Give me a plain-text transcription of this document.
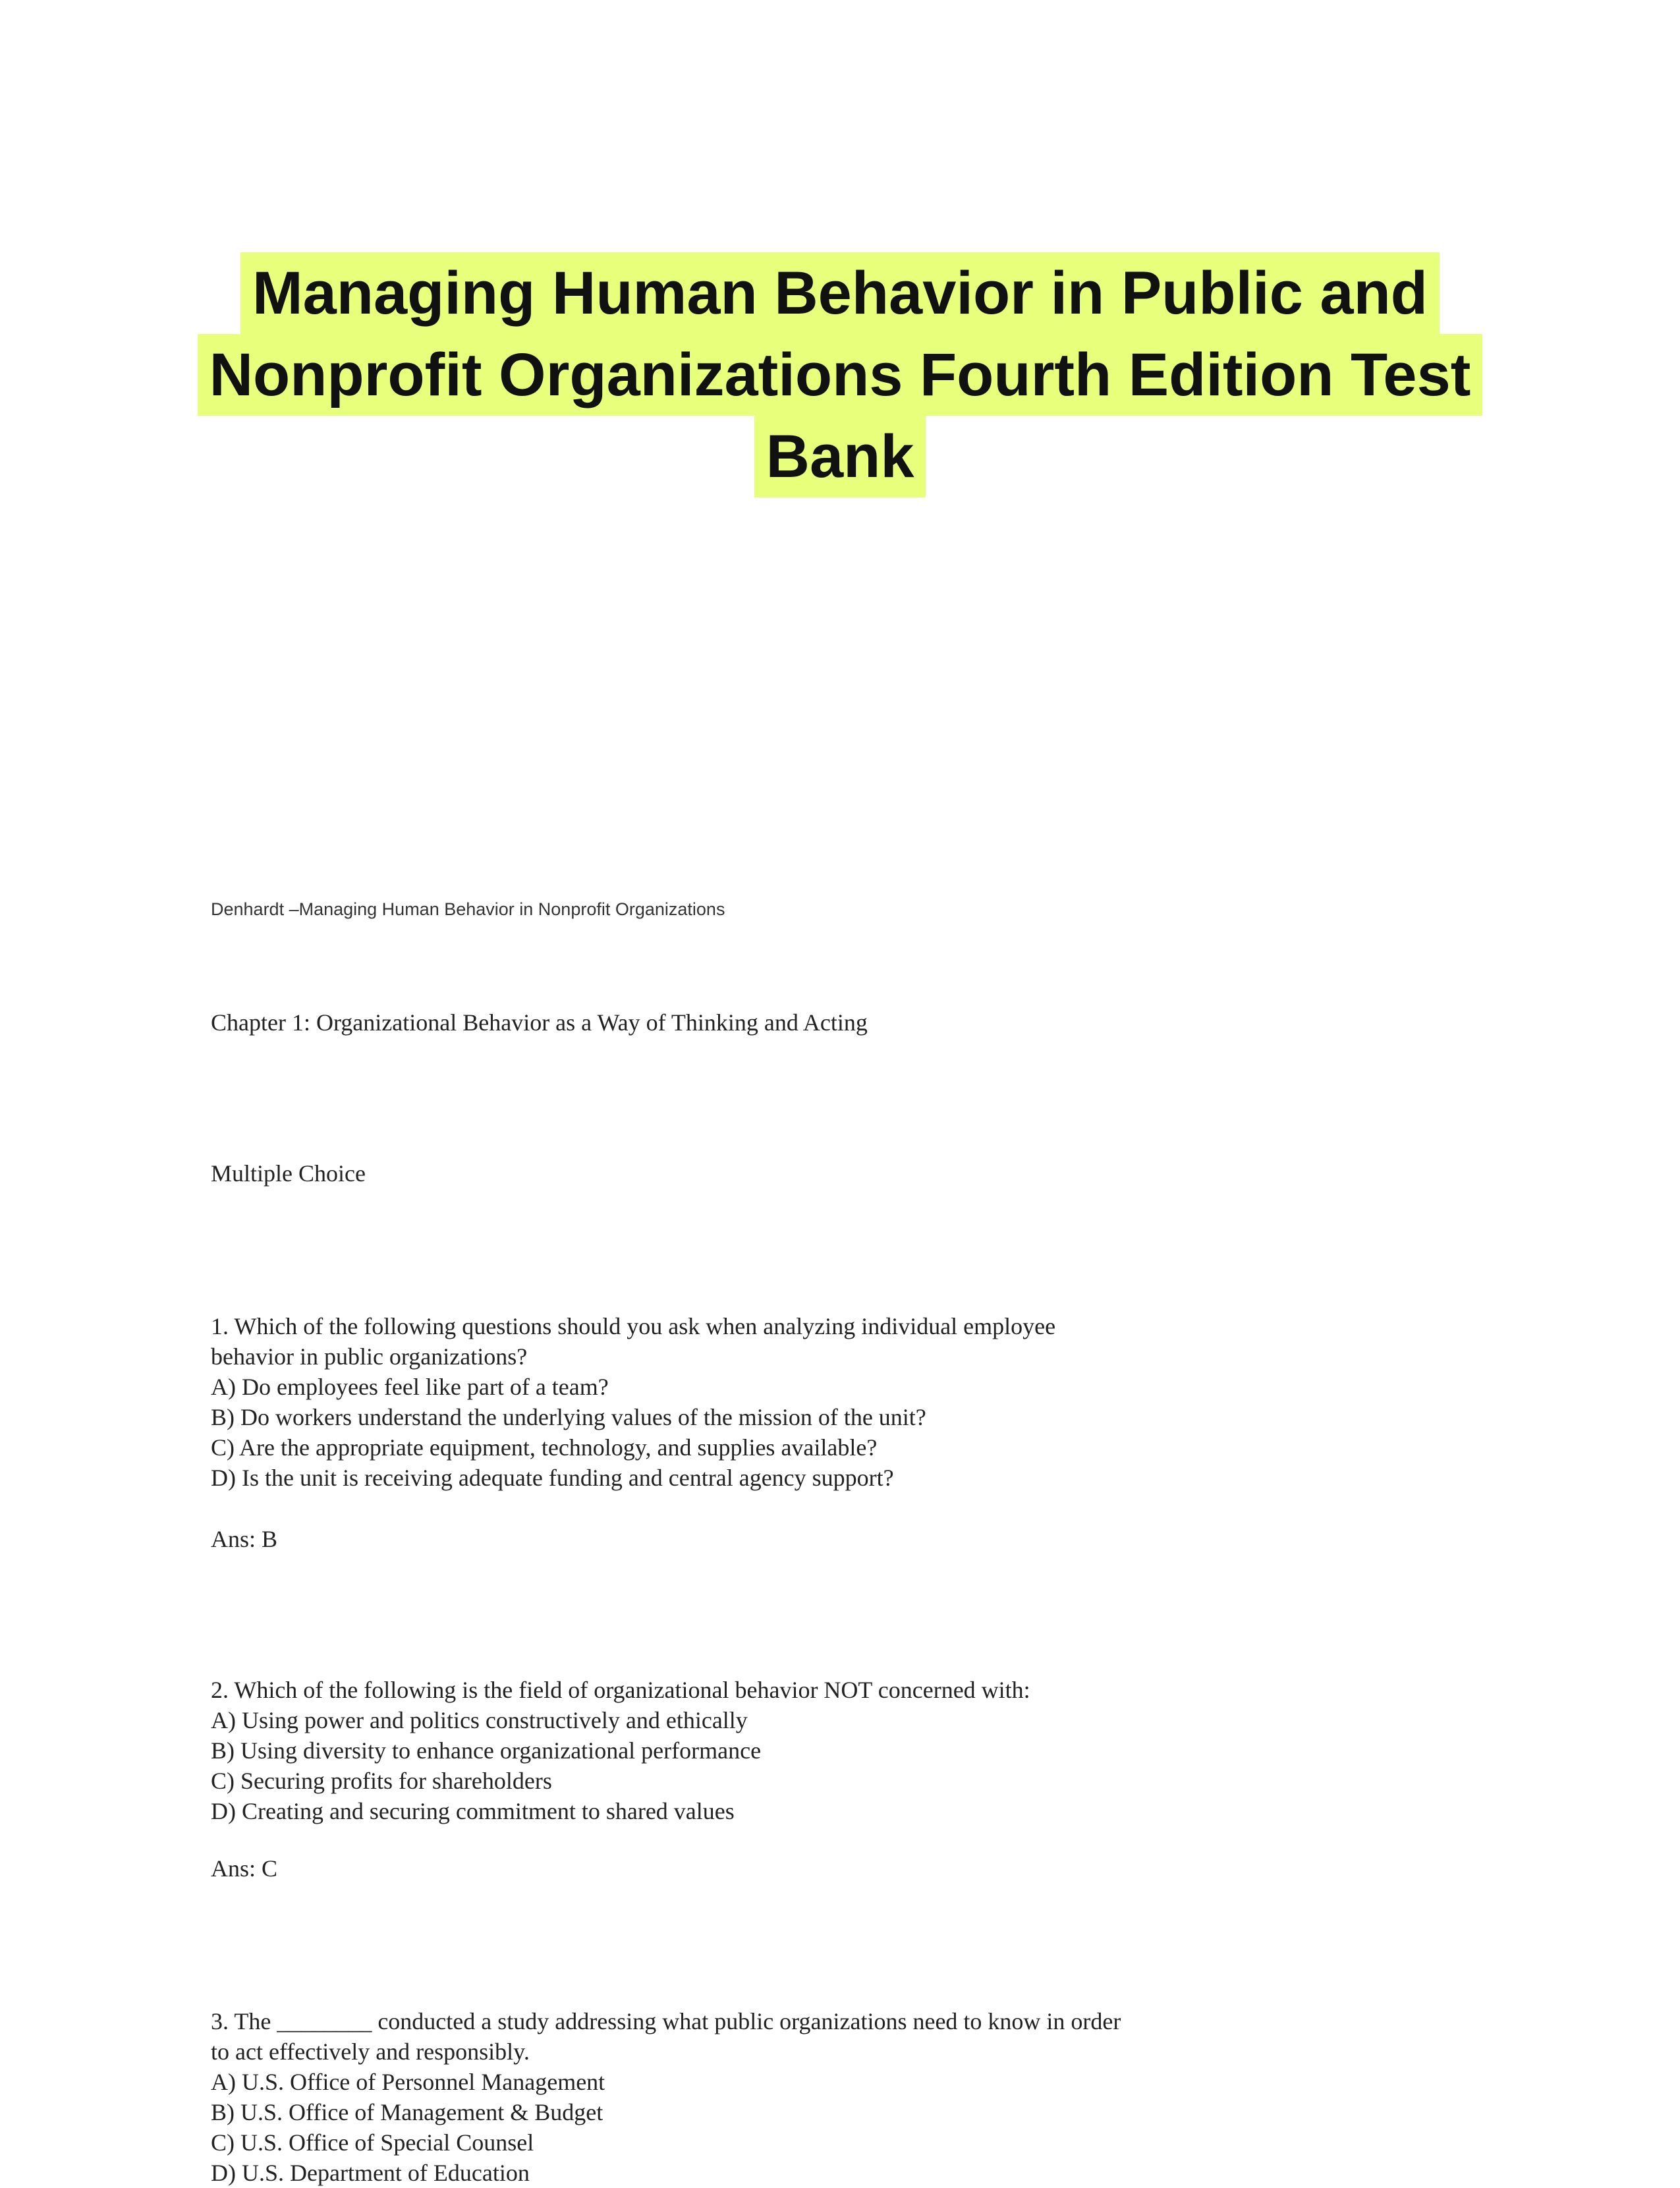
Managing Human Behavior in Public and
Nonprofit Organizations Fourth Edition Test
Bank
Denhardt –Managing Human Behavior in Nonprofit Organizations
Chapter 1: Organizational Behavior as a Way of Thinking and Acting
Multiple Choice
1. Which of the following questions should you ask when analyzing individual employee
behavior in public organizations?
A) Do employees feel like part of a team?
B) Do workers understand the underlying values of the mission of the unit?
C) Are the appropriate equipment, technology, and supplies available?
D) Is the unit is receiving adequate funding and central agency support?
Ans: B
2. Which of the following is the field of organizational behavior NOT concerned with:
A) Using power and politics constructively and ethically
B) Using diversity to enhance organizational performance
C) Securing profits for shareholders
D) Creating and securing commitment to shared values
Ans: C
3. The ________ conducted a study addressing what public organizations need to know in order
to act effectively and responsibly.
A) U.S. Office of Personnel Management
B) U.S. Office of Management & Budget
C) U.S. Office of Special Counsel
D) U.S. Department of Education
